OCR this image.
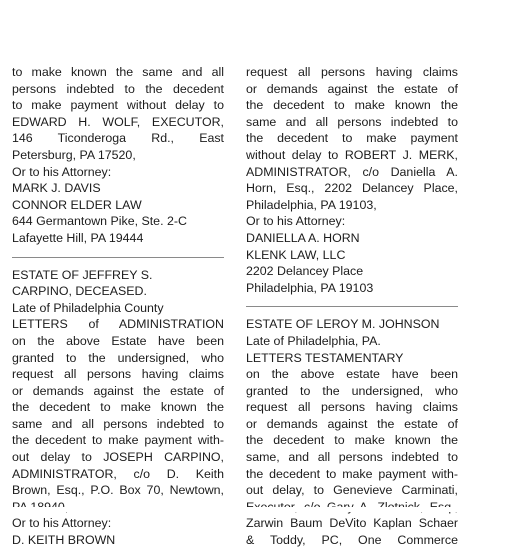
to make known the same and all
persons indebted to the decedent
to make payment without delay to
EDWARD H. WOLF, EXECUTOR,
146 Ticonderoga Rd., East
Petersburg, PA 17520,
Or to his Attorney:
MARK J. DAVIS
CONNOR ELDER LAW
644 Germantown Pike, Ste. 2-C
Lafayette Hill, PA 19444
ESTATE OF JEFFREY S.
CARPINO, DECEASED.
Late of Philadelphia County
LETTERS of ADMINISTRATION
on the above Estate have been
granted to the undersigned, who
request all persons having claims
or demands against the estate of
the decedent to make known the
same and all persons indebted to
the decedent to make payment with-
out delay to JOSEPH CARPINO,
ADMINISTRATOR, c/o D. Keith
Brown, Esq., P.O. Box 70, Newtown,
Or to his Attorney:
D. KEITH BROWN
request all persons having claims
or demands against the estate of
the decedent to make known the
same and all persons indebted to
the decedent to make payment
without delay to ROBERT J. MERK,
ADMINISTRATOR, c/o Daniella A.
Horn, Esq., 2202 Delancey Place,
Philadelphia, PA 19103,
Or to his Attorney:
DANIELLA A. HORN
KLENK LAW, LLC
2202 Delancey Place
Philadelphia, PA 19103
ESTATE OF LEROY M. JOHNSON
Late of Philadelphia, PA.
LETTERS TESTAMENTARY
on the above estate have been
granted to the undersigned, who
request all persons having claims
or demands against the estate of
the decedent to make known the
same, and all persons indebted to
the decedent to make payment with-
out delay, to Genevieve Carminati,
Zarwin Baum DeVito Kaplan Schaer
& Toddy, PC, One Commerce
